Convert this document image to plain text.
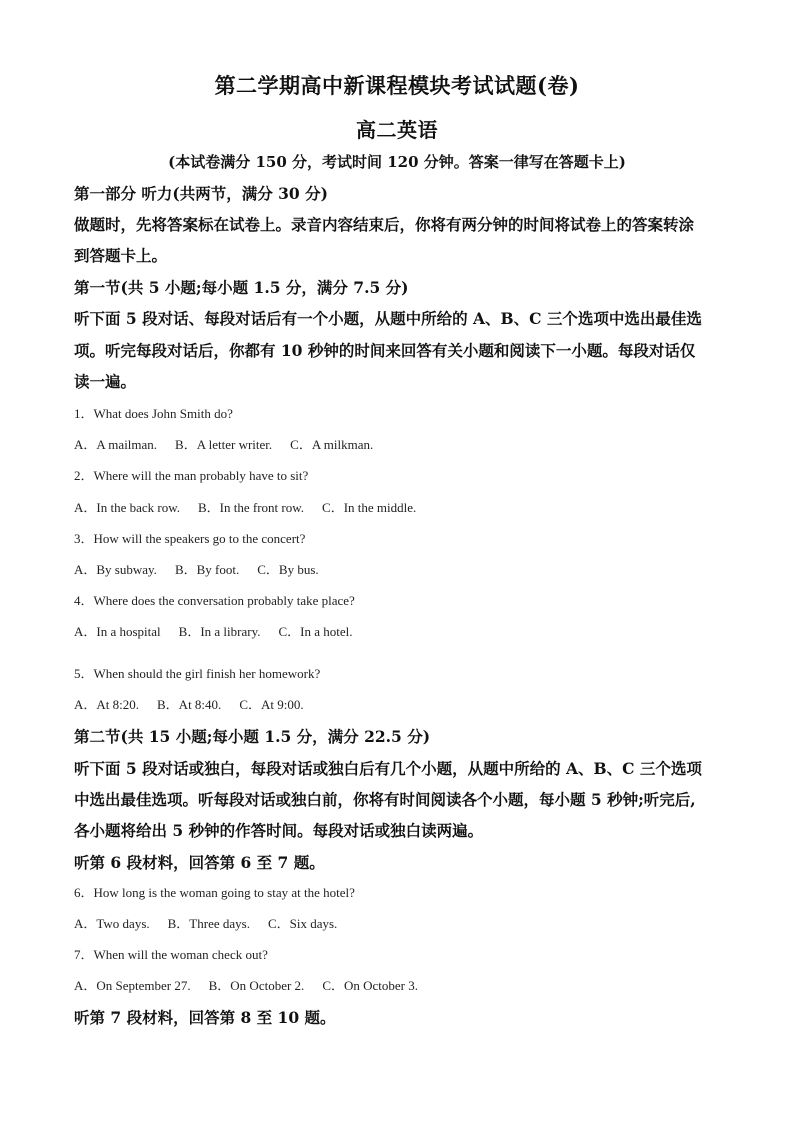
第二学期高中新课程模块考试试题(卷)
高二英语
(本试卷满分 150 分，考试时间 120 分钟。答案一律写在答题卡上)
第一部分 听力(共两节，满分 30 分)
做题时，先将答案标在试卷上。录音内容结束后，你将有两分钟的时间将试卷上的答案转涂
到答题卡上。
第一节(共 5 小题;每小题 1.5 分，满分 7.5 分)
听下面 5 段对话、每段对话后有一个小题，从题中所给的 A、B、C 三个选项中选出最佳选
项。听完每段对话后，你都有 10 秒钟的时间来回答有关小题和阅读下一小题。每段对话仅
读一遍。
1．What does John Smith do?
A．A mailman. B．A letter writer. C．A milkman.
2．Where will the man probably have to sit?
A．In the back row. B．In the front row. C．In the middle.
3．How will the speakers go to the concert?
A．By subway. B．By foot. C．By bus.
4．Where does the conversation probably take place?
A．In a hospital B．In a library. C．In a hotel.
5．When should the girl finish her homework?
A．At 8:20. B．At 8:40. C．At 9:00.
第二节(共 15 小题;每小题 1.5 分，满分 22.5 分)
听下面 5 段对话或独白，每段对话或独白后有几个小题，从题中所给的 A、B、C 三个选项
中选出最佳选项。听每段对话或独白前，你将有时间阅读各个小题，每小题 5 秒钟;听完后,
各小题将给出 5 秒钟的作答时间。每段对话或独白读两遍。
听第 6 段材料，回答第 6 至 7 题。
6．How long is the woman going to stay at the hotel?
A．Two days. B．Three days. C．Six days.
7．When will the woman check out?
A．On September 27. B．On October 2. C．On October 3.
听第 7 段材料，回答第 8 至 10 题。
